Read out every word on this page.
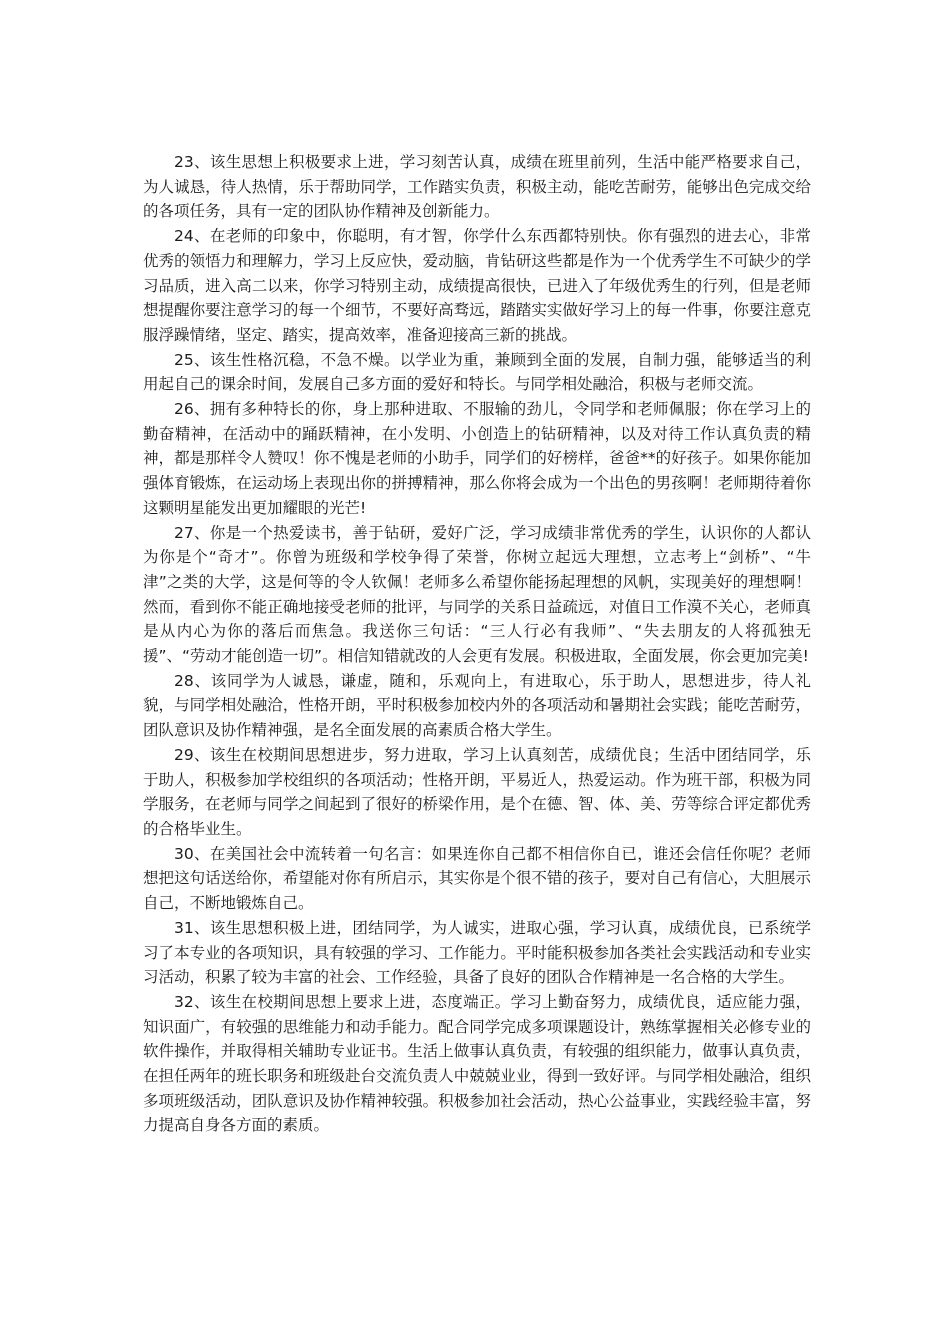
23、该生思想上积极要求上进，学习刻苦认真，成绩在班里前列，生活中能严格要求自己，为人诚恳，待人热情，乐于帮助同学，工作踏实负责，积极主动，能吃苦耐劳，能够出色完成交给的各项任务，具有一定的团队协作精神及创新能力。

24、在老师的印象中，你聪明，有才智，你学什么东西都特别快。你有强烈的进去心，非常优秀的领悟力和理解力，学习上反应快，爱动脑，肯钻研这些都是作为一个优秀学生不可缺少的学习品质，进入高二以来，你学习特别主动，成绩提高很快，已进入了年级优秀生的行列，但是老师想提醒你要注意学习的每一个细节，不要好高骛远，踏踏实实做好学习上的每一件事，你要注意克服浮躁情绪，坚定、踏实，提高效率，准备迎接高三新的挑战。

25、该生性格沉稳，不急不燥。以学业为重，兼顾到全面的发展，自制力强，能够适当的利用起自己的课余时间，发展自己多方面的爱好和特长。与同学相处融洽，积极与老师交流。

26、拥有多种特长的你，身上那种进取、不服输的劲儿，令同学和老师佩服；你在学习上的勤奋精神，在活动中的踊跃精神，在小发明、小创造上的钻研精神，以及对待工作认真负责的精神，都是那样令人赞叹！你不愧是老师的小助手，同学们的好榜样，爸爸**的好孩子。如果你能加强体育锻炼，在运动场上表现出你的拼搏精神，那么你将会成为一个出色的男孩啊！老师期待着你这颗明星能发出更加耀眼的光芒!

27、你是一个热爱读书，善于钻研，爱好广泛，学习成绩非常优秀的学生，认识你的人都认为你是个“奇才”。你曾为班级和学校争得了荣誉，你树立起远大理想，立志考上“剑桥”、“牛津”之类的大学，这是何等的令人钦佩！老师多么希望你能扬起理想的风帆，实现美好的理想啊！然而，看到你不能正确地接受老师的批评，与同学的关系日益疏远，对值日工作漠不关心，老师真是从内心为你的落后而焦急。我送你三句话：“三人行必有我师”、“失去朋友的人将孤独无援”、“劳动才能创造一切”。相信知错就改的人会更有发展。积极进取，全面发展，你会更加完美!

28、该同学为人诚恳，谦虚，随和，乐观向上，有进取心，乐于助人，思想进步，待人礼貌，与同学相处融洽，性格开朗，平时积极参加校内外的各项活动和暑期社会实践；能吃苦耐劳，团队意识及协作精神强，是名全面发展的高素质合格大学生。

29、该生在校期间思想进步，努力进取，学习上认真刻苦，成绩优良；生活中团结同学，乐于助人，积极参加学校组织的各项活动；性格开朗，平易近人，热爱运动。作为班干部，积极为同学服务，在老师与同学之间起到了很好的桥梁作用，是个在德、智、体、美、劳等综合评定都优秀的合格毕业生。

30、在美国社会中流转着一句名言：如果连你自己都不相信你自已，谁还会信任你呢？老师想把这句话送给你，希望能对你有所启示，其实你是个很不错的孩子，要对自己有信心，大胆展示自己，不断地锻炼自己。

31、该生思想积极上进，团结同学，为人诚实，进取心强，学习认真，成绩优良，已系统学习了本专业的各项知识，具有较强的学习、工作能力。平时能积极参加各类社会实践活动和专业实习活动，积累了较为丰富的社会、工作经验，具备了良好的团队合作精神是一名合格的大学生。

32、该生在校期间思想上要求上进，态度端正。学习上勤奋努力，成绩优良，适应能力强，知识面广，有较强的思维能力和动手能力。配合同学完成多项课题设计，熟练掌握相关必修专业的软件操作，并取得相关辅助专业证书。生活上做事认真负责，有较强的组织能力，做事认真负责，在担任两年的班长职务和班级赴台交流负责人中兢兢业业，得到一致好评。与同学相处融洽，组织多项班级活动，团队意识及协作精神较强。积极参加社会活动，热心公益事业，实践经验丰富，努力提高自身各方面的素质。
